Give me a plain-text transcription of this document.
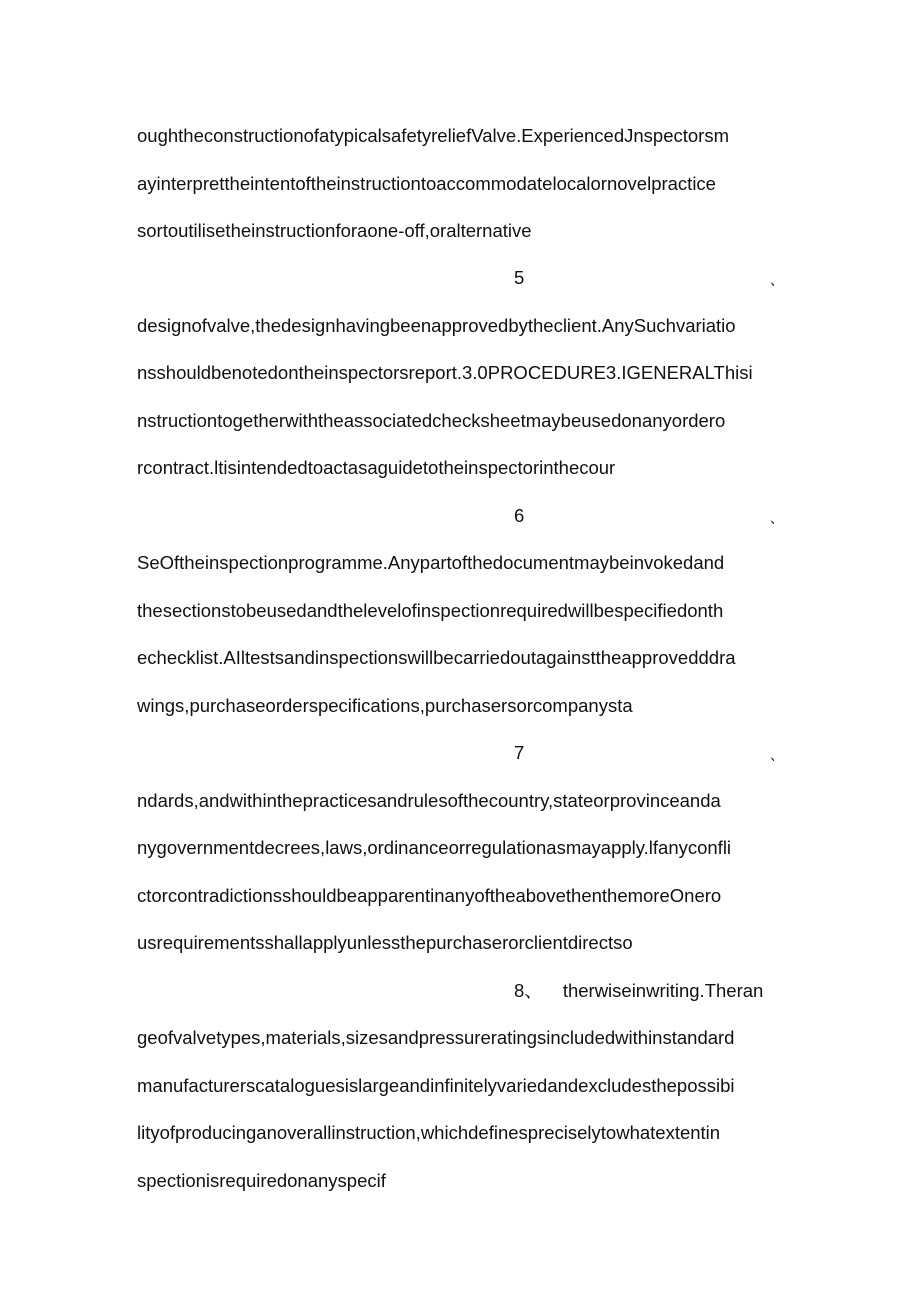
oughtheconstructionofatypicalsafetyreliefValve.ExperiencedJnspectorsm
ayinterprettheintentoftheinstructiontoaccommodatelocalornovelpractice
sortoutilisetheinstructionforaone-off,oralternative
5	、
designofvalve,thedesignhavingbeenapprovedbytheclient.AnySuchvariatio
nsshouldbenotedontheinspectorsreport.3.0PROCEDURE3.IGENERALThisi
nstructiontogetherwiththeassociatedchecksheetmaybeusedonanyordero
rcontract.ltisintendedtoactasaguidetotheinspectorinthecour
6	、
SeOftheinspectionprogramme.Anypartofthedocumentmaybeinvokedand
thesectionstobeusedandthelevelofinspectionrequiredwillbespecifiedonth
echecklist.AIltestsandinspectionswillbecarriedoutagainsttheapprovedddra
wings,purchaseorderspecifications,purchasersorcompanysta
7	、
ndards,andwithinthepracticesandrulesofthecountry,stateorprovinceanda
nygovernmentdecrees,laws,ordinanceorregulationasmayapply.lfanyconfli
ctorcontradictionsshouldbeapparentinanyoftheabovethenthemoreOnero
usrequirementsshallapplyunlessthepurchaserorclientdirectso
8、 therwiseinwriting.Theran
geofvalvetypes,materials,sizesandpressureratingsincludedwithinstandard
manufacturerscataloguesislargeandinfinitelyvariedandexcludesthepossibi
lityofproducinganoverallinstruction,whichdefinespreciselytowhatextentin
spectionisrequiredonanyspecif
